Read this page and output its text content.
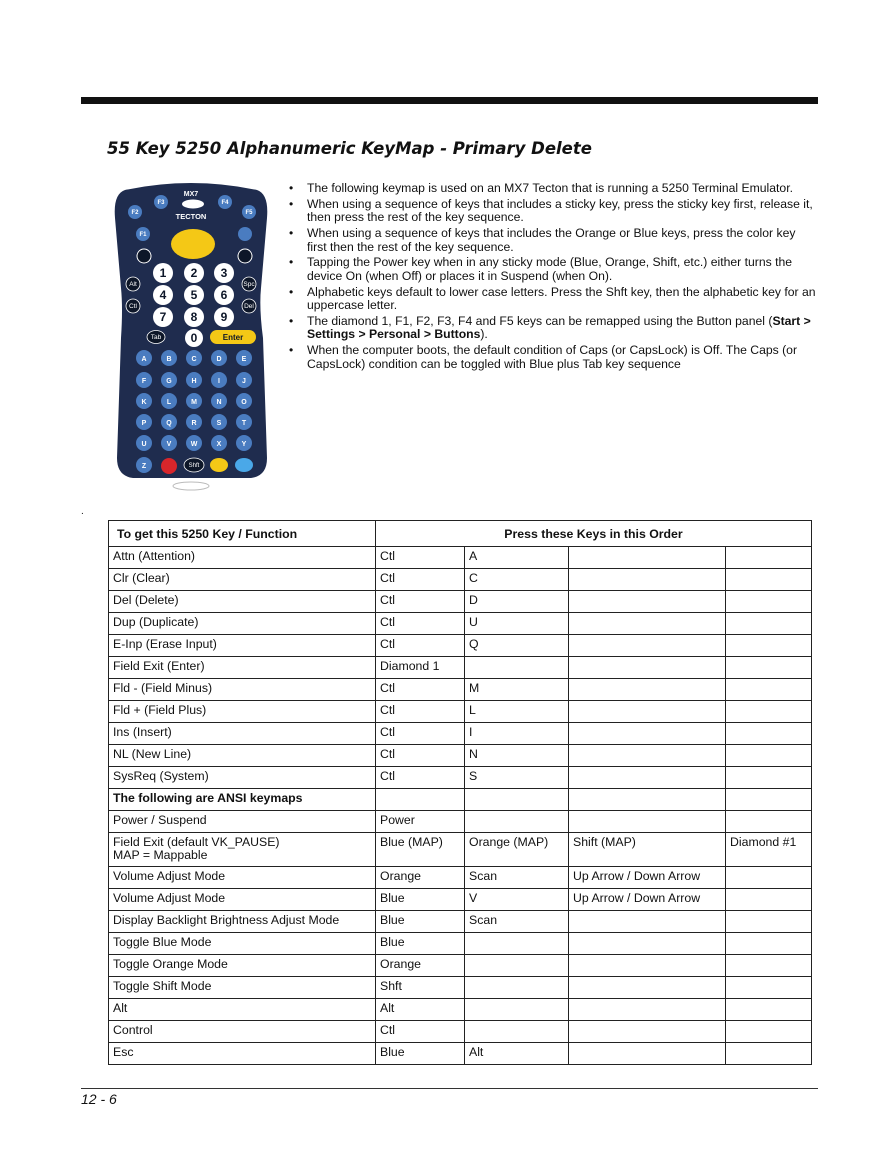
55 Key 5250 Alphanumeric KeyMap - Primary Delete
MX7
TECTON
F3
F2
F1
F4
F5
1 2 3
4 5 6
7 8 9
0
Alt
Ctl
Spc
Del
Tab	Enter
A	B	C	D	E
F	G	H	I	J
K	L	M	N	O
P	Q	R	S	T
U	V	W	X	Y
Z	Shft
• The following keymap is used on an MX7 Tecton that is running a 5250 Terminal Emulator.
• When using a sequence of keys that includes a sticky key, press the sticky key first, release it, then press the rest of the key sequence.
• When using a sequence of keys that includes the Orange or Blue keys, press the color key first then the rest of the key sequence.
• Tapping the Power key when in any sticky mode (Blue, Orange, Shift, etc.) either turns the device On (when Off) or places it in Suspend (when On).
• Alphabetic keys default to lower case letters. Press the Shft key, then the alphabetic key for an uppercase letter.
• The diamond 1, F1, F2, F3, F4 and F5 keys can be remapped using the Button panel (Start > Settings > Personal > Buttons).
• When the computer boots, the default condition of Caps (or CapsLock) is Off. The Caps (or CapsLock) condition can be toggled with Blue plus Tab key sequence
.
To get this 5250 Key / Function	Press these Keys in this Order			
Attn (Attention)	Ctl	A		
Clr (Clear)	Ctl	C		
Del (Delete)	Ctl	D		
Dup (Duplicate)	Ctl	U		
E-Inp (Erase Input)	Ctl	Q		
Field Exit (Enter)	Diamond 1			
Fld - (Field Minus)	Ctl	M		
Fld + (Field Plus)	Ctl	L		
Ins (Insert)	Ctl	I		
NL (New Line)	Ctl	N		
SysReq (System)	Ctl	S		
The following are ANSI keymaps				
Power / Suspend	Power			
Field Exit (default VK_PAUSE)
MAP = Mappable	Blue (MAP)	Orange (MAP)	Shift (MAP)	Diamond #1
Volume Adjust Mode	Orange	Scan	Up Arrow / Down Arrow	
Volume Adjust Mode	Blue	V	Up Arrow / Down Arrow	
Display Backlight Brightness Adjust Mode	Blue	Scan		
Toggle Blue Mode	Blue			
Toggle Orange Mode	Orange			
Toggle Shift Mode	Shft			
Alt	Alt			
Control	Ctl			
Esc	Blue	Alt		
12 - 6
